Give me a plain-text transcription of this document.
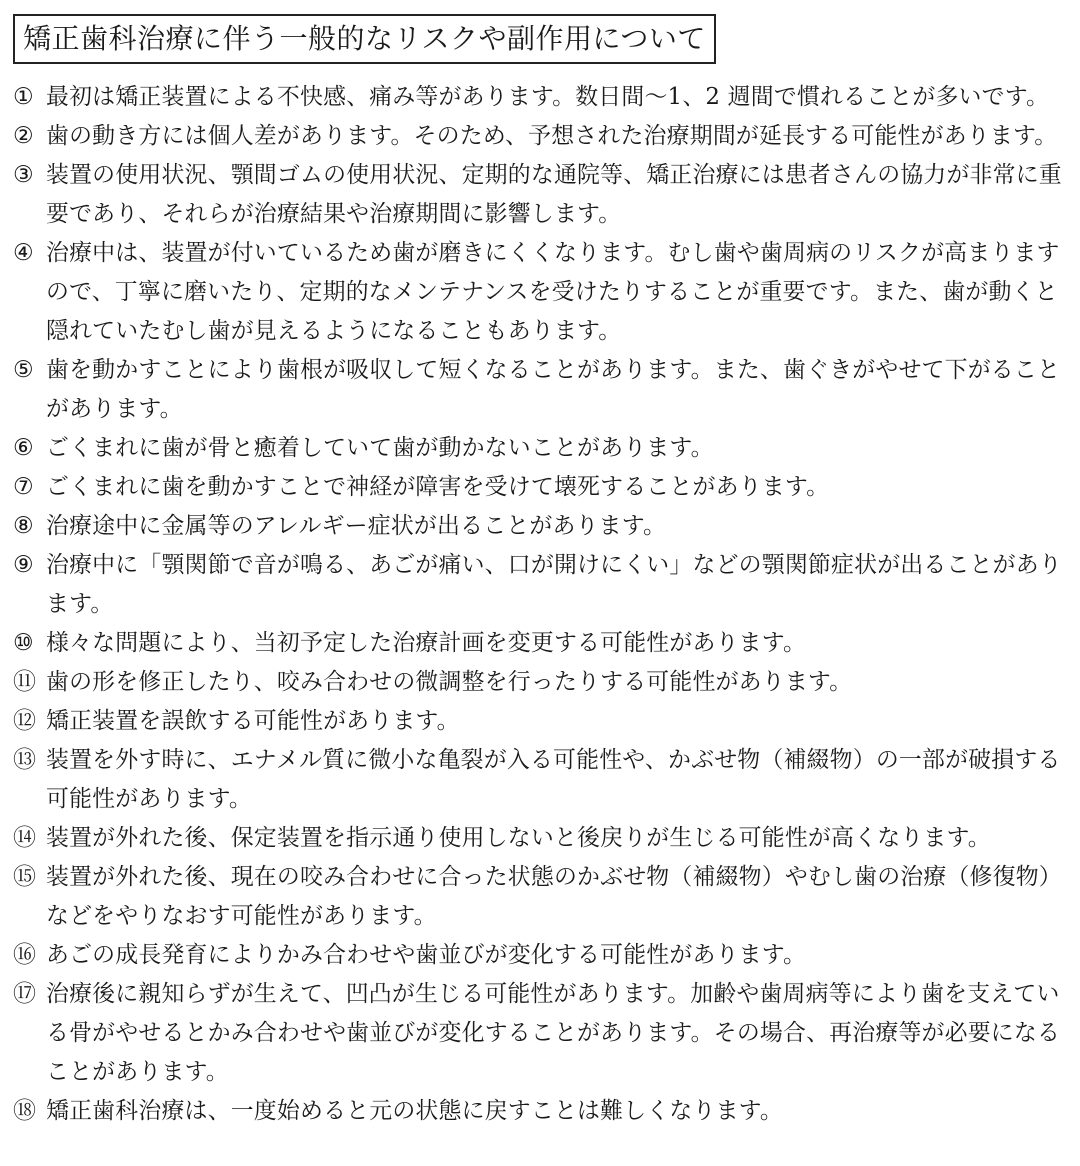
矯正歯科治療に伴う一般的なリスクや副作用について
① 最初は矯正装置による不快感、痛み等があります。数日間～1、2 週間で慣れることが多いです。
② 歯の動き方には個人差があります。そのため、予想された治療期間が延長する可能性があります。
③ 装置の使用状況、顎間ゴムの使用状況、定期的な通院等、矯正治療には患者さんの協力が非常に重
要であり、それらが治療結果や治療期間に影響します。
④ 治療中は、装置が付いているため歯が磨きにくくなります。むし歯や歯周病のリスクが高まります
ので、丁寧に磨いたり、定期的なメンテナンスを受けたりすることが重要です。また、歯が動くと
隠れていたむし歯が見えるようになることもあります。
⑤ 歯を動かすことにより歯根が吸収して短くなることがあります。また、歯ぐきがやせて下がること
があります。
⑥ ごくまれに歯が骨と癒着していて歯が動かないことがあります。
⑦ ごくまれに歯を動かすことで神経が障害を受けて壊死することがあります。
⑧ 治療途中に金属等のアレルギー症状が出ることがあります。
⑨ 治療中に「顎関節で音が鳴る、あごが痛い、口が開けにくい」などの顎関節症状が出ることがあり
ます。
⑩ 様々な問題により、当初予定した治療計画を変更する可能性があります。
⑪ 歯の形を修正したり、咬み合わせの微調整を行ったりする可能性があります。
⑫ 矯正装置を誤飲する可能性があります。
⑬ 装置を外す時に、エナメル質に微小な亀裂が入る可能性や、かぶせ物（補綴物）の一部が破損する
可能性があります。
⑭ 装置が外れた後、保定装置を指示通り使用しないと後戻りが生じる可能性が高くなります。
⑮ 装置が外れた後、現在の咬み合わせに合った状態のかぶせ物（補綴物）やむし歯の治療（修復物）
などをやりなおす可能性があります。
⑯ あごの成長発育によりかみ合わせや歯並びが変化する可能性があります。
⑰ 治療後に親知らずが生えて、凹凸が生じる可能性があります。加齢や歯周病等により歯を支えてい
る骨がやせるとかみ合わせや歯並びが変化することがあります。その場合、再治療等が必要になる
ことがあります。
⑱ 矯正歯科治療は、一度始めると元の状態に戻すことは難しくなります。
